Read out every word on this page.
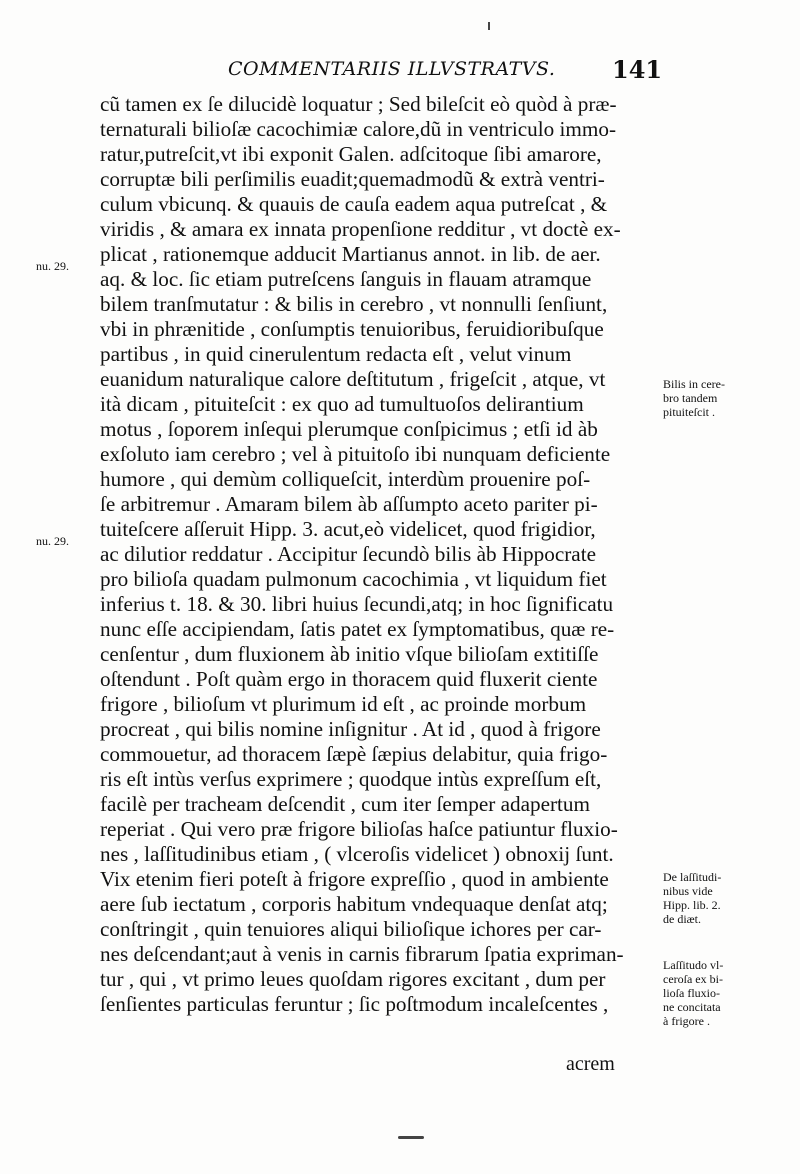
COMMENTARIIS ILLVSTRATVS. 141
cũ tamen ex ſe dilucidè loquatur ; Sed bileſcit eò quòd à præ-
ternaturali bilioſæ cacochimiæ calore,dũ in ventriculo immo-
ratur,putreſcit,vt ibi exponit Galen. adſcitoque ſibi amarore,
corruptæ bili perſimilis euadit;quemadmodũ & extrà ventri-
culum vbicunq. & quauis de cauſa eadem aqua putreſcat , &
viridis , & amara ex innata propenſione redditur , vt doctè ex-
plicat , rationemque adducit Martianus annot. in lib. de aer.
aq. & loc. ſic etiam putreſcens ſanguis in flauam atramque
bilem tranſmutatur : & bilis in cerebro , vt nonnulli ſenſiunt,
vbi in phrænitide , conſumptis tenuioribus, feruidioribuſque
partibus , in quid cinerulentum redacta eſt , velut vinum
euanidum naturalique calore deſtitutum , frigeſcit , atque, vt
ità dicam , pituiteſcit : ex quo ad tumultuoſos delirantium
motus , ſoporem inſequi plerumque conſpicimus ; etſi id àb
exſoluto iam cerebro ; vel à pituitoſo ibi nunquam deficiente
humore , qui demùm colliqueſcit, interdùm prouenire poſ-
ſe arbitremur . Amaram bilem àb aſſumpto aceto pariter pi-
tuiteſcere aſſeruit Hipp. 3. acut,eò videlicet, quod frigidior,
ac dilutior reddatur . Accipitur ſecundò bilis àb Hippocrate
pro bilioſa quadam pulmonum cacochimia , vt liquidum fiet
inferius t. 18. & 30. libri huius ſecundi,atq; in hoc ſignificatu
nunc eſſe accipiendam, ſatis patet ex ſymptomatibus, quæ re-
cenſentur , dum fluxionem àb initio vſque bilioſam extitiſſe
oſtendunt . Poſt quàm ergo in thoracem quid fluxerit ciente
frigore , bilioſum vt plurimum id eſt , ac proinde morbum
procreat , qui bilis nomine inſignitur . At id , quod à frigore
commouetur, ad thoracem ſæpè ſæpius delabitur, quia frigo-
ris eſt intùs verſus exprimere ; quodque intùs expreſſum eſt,
facilè per tracheam deſcendit , cum iter ſemper adapertum
reperiat . Qui vero præ frigore bilioſas haſce patiuntur fluxio-
nes , laſſitudinibus etiam , ( vlceroſis videlicet ) obnoxij ſunt.
Vix etenim fieri poteſt à frigore expreſſio , quod in ambiente
aere ſub iectatum , corporis habitum vndequaque denſat atq;
conſtringit , quin tenuiores aliqui bilioſique ichores per car-
nes deſcendant;aut à venis in carnis fibrarum ſpatia expriman-
tur , qui , vt primo leues quoſdam rigores excitant , dum per
ſenſientes particulas feruntur ; ſic poſtmodum incaleſcentes ,
nu. 29.
nu. 29.
Bilis in cere-
bro tandem
pituiteſcit .
De laſſitudi-
nibus vide
Hipp. lib. 2.
de diæt.
Laſſitudo vl-
ceroſa ex bi-
lioſa fluxio-
ne concitata
à frigore .
acrem
